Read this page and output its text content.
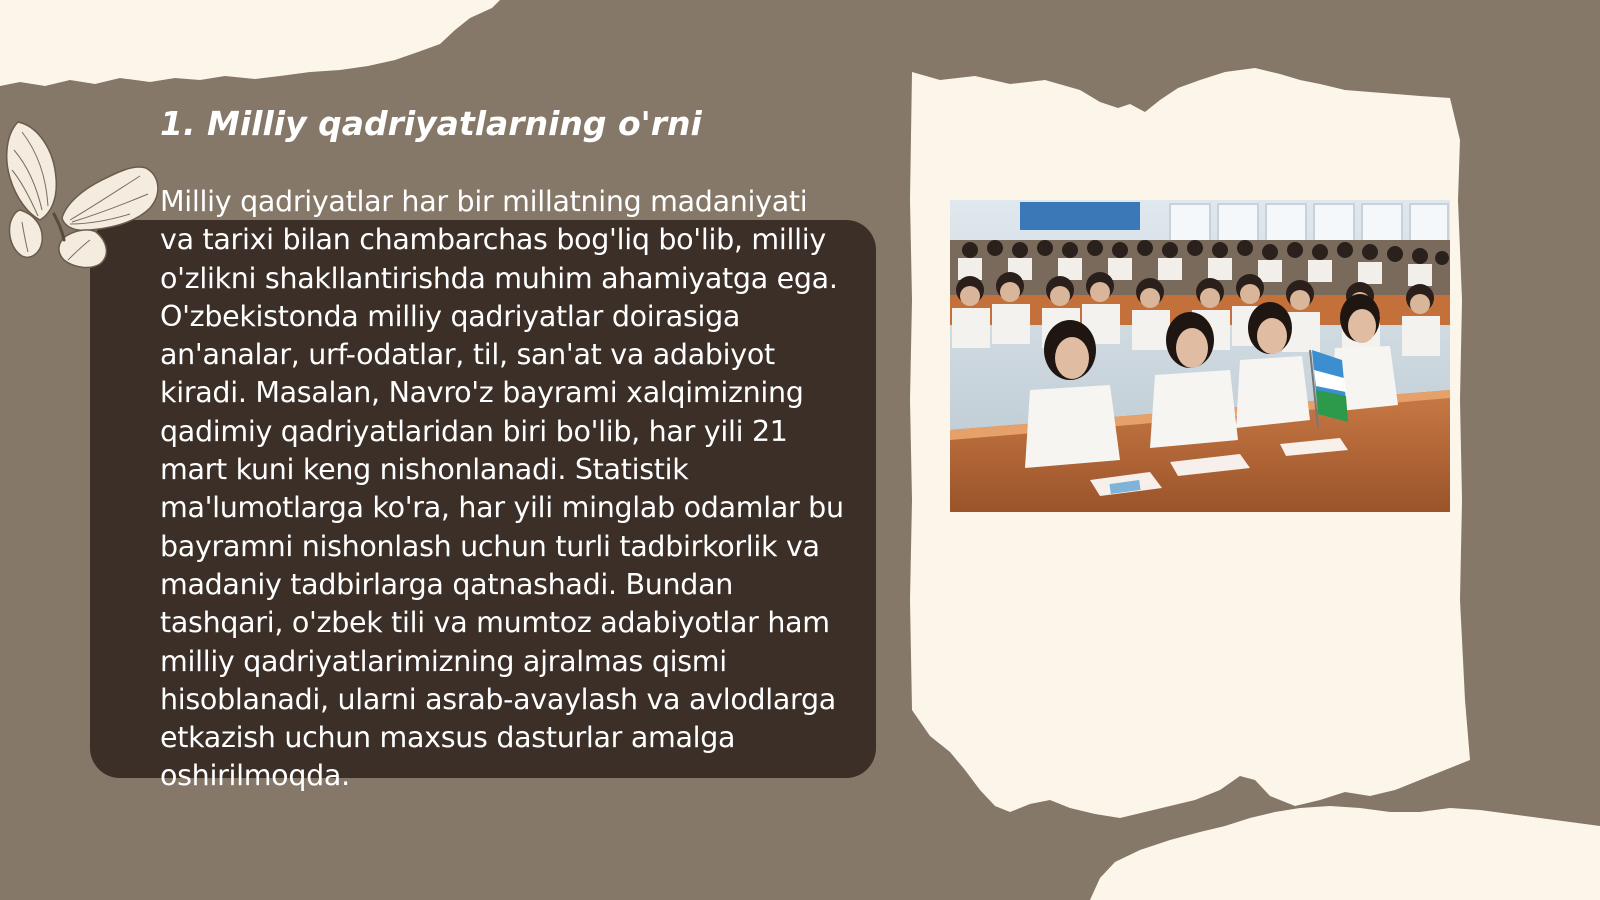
1. Milliy qadriyatlarning o'rni

Milliy qadriyatlar har bir millatning madaniyati va tarixi bilan chambarchas bog'liq bo'lib, milliy o'zlikni shakllantirishda muhim ahamiyatga ega. O'zbekistonda milliy qadriyatlar doirasiga an'analar, urf-odatlar, til, san'at va adabiyot kiradi. Masalan, Navro'z bayrami xalqimizning qadimiy qadriyatlaridan biri bo'lib, har yili 21 mart kuni keng nishonlanadi. Statistik ma'lumotlarga ko'ra, har yili minglab odamlar bu bayramni nishonlash uchun turli tadbirkorlik va madaniy tadbirlarga qatnashadi. Bundan tashqari, o'zbek tili va mumtoz adabiyotlar ham milliy qadriyatlarimizning ajralmas qismi hisoblanadi, ularni asrab-avaylash va avlodlarga etkazish uchun maxsus dasturlar amalga oshirilmoqda.
